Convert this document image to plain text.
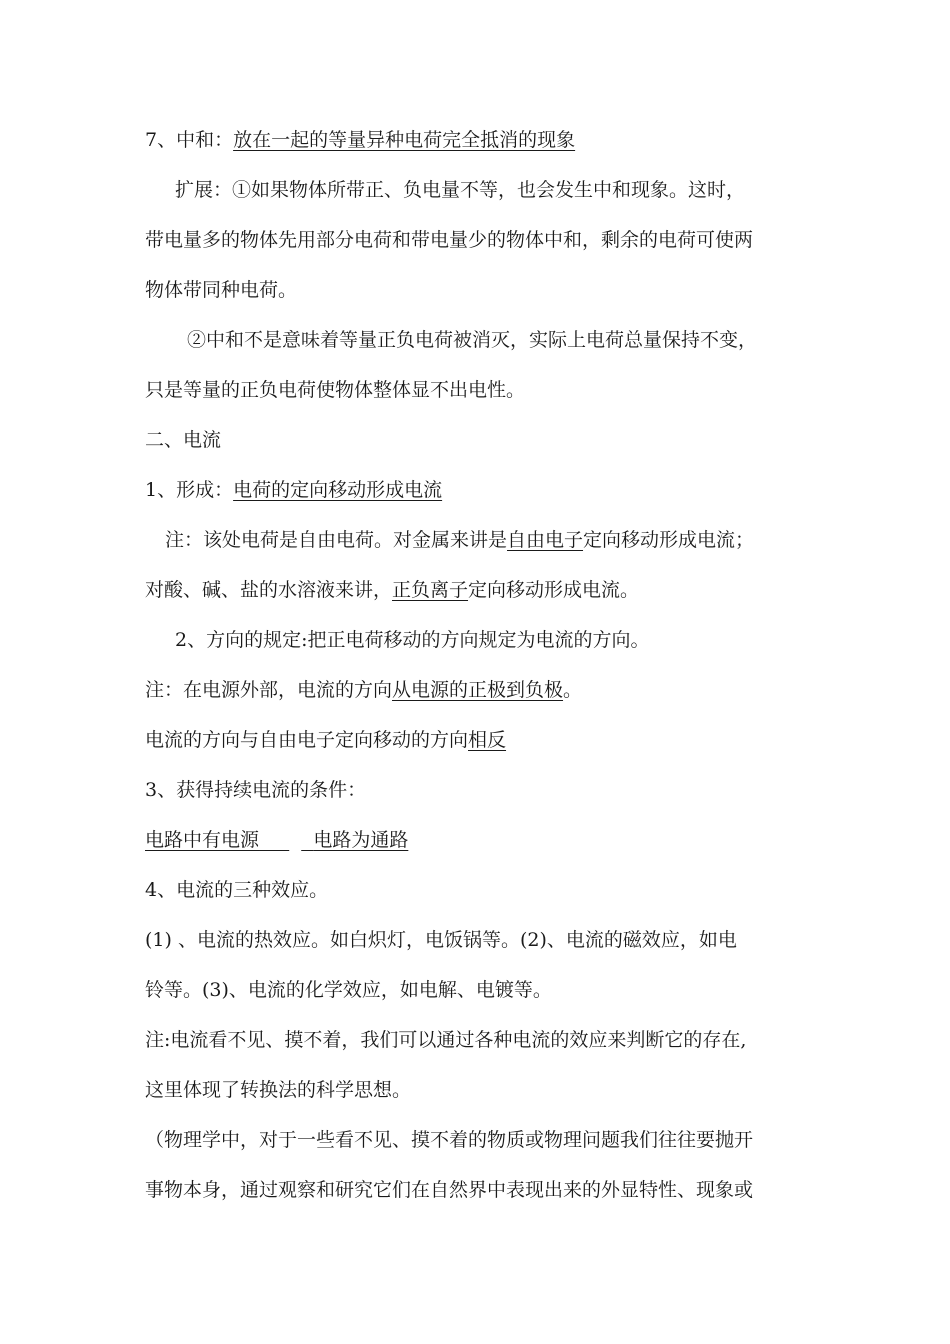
7、中和：放在一起的等量异种电荷完全抵消的现象
扩展：①如果物体所带正、负电量不等，也会发生中和现象。这时，
带电量多的物体先用部分电荷和带电量少的物体中和，剩余的电荷可使两
物体带同种电荷。
②中和不是意味着等量正负电荷被消灭，实际上电荷总量保持不变，
只是等量的正负电荷使物体整体显不出电性。
二、电流
1、形成：电荷的定向移动形成电流
注：该处电荷是自由电荷。对金属来讲是自由电子定向移动形成电流；
对酸、碱、盐的水溶液来讲，正负离子定向移动形成电流。
2、方向的规定:把正电荷移动的方向规定为电流的方向。
注：在电源外部，电流的方向从电源的正极到负极。
电流的方向与自由电子定向移动的方向相反
3、获得持续电流的条件：
电路中有电源	电路为通路
4、电流的三种效应。
(1) 、电流的热效应。如白炽灯，电饭锅等。(2)、电流的磁效应，如电
铃等。(3)、电流的化学效应，如电解、电镀等。
注:电流看不见、摸不着，我们可以通过各种电流的效应来判断它的存在,
这里体现了转换法的科学思想。
（物理学中，对于一些看不见、摸不着的物质或物理问题我们往往要抛开
事物本身，通过观察和研究它们在自然界中表现出来的外显特性、现象或
